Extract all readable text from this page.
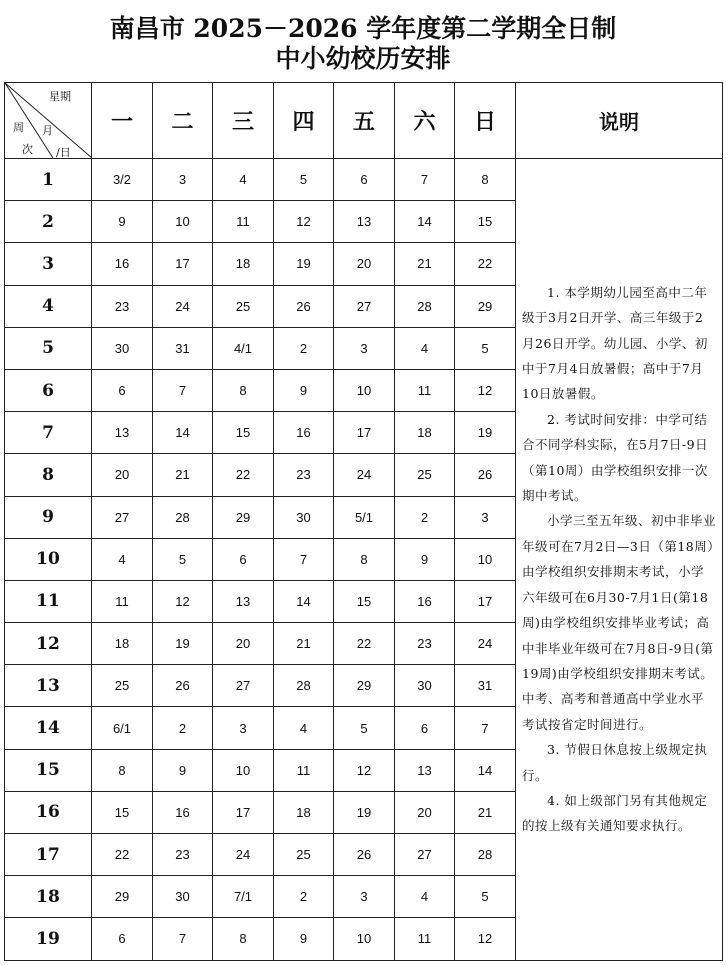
南昌市 2025－2026 学年度第二学期全日制
中小幼校历安排
星期
周
次
月
/日	一	二	三	四	五	六	日	说明
1	3/2	3	4	5	6	7	8	1. 本学期幼儿园至高中二年级于3月2日开学、高三年级于2月26日开学。幼儿园、小学、初中于7月4日放暑假；高中于7月10日放暑假。

2. 考试时间安排：中学可结合不同学科实际，在5月7日-9日（第10周）由学校组织安排一次期中考试。

小学三至五年级、初中非毕业年级可在7月2日—3日（第18周）由学校组织安排期末考试，小学六年级可在6月30-7月1日(第18周)由学校组织安排毕业考试；高中非毕业年级可在7月8日-9日(第19周)由学校组织安排期末考试。中考、高考和普通高中学业水平考试按省定时间进行。

3. 节假日休息按上级规定执行。

4. 如上级部门另有其他规定的按上级有关通知要求执行。

2	9	10	11	12	13	14	15	
3	16	17	18	19	20	21	22	
4	23	24	25	26	27	28	29	
5	30	31	4/1	2	3	4	5	
6	6	7	8	9	10	11	12	
7	13	14	15	16	17	18	19	
8	20	21	22	23	24	25	26	
9	27	28	29	30	5/1	2	3	
10	4	5	6	7	8	9	10	
11	11	12	13	14	15	16	17	
12	18	19	20	21	22	23	24	
13	25	26	27	28	29	30	31	
14	6/1	2	3	4	5	6	7	
15	8	9	10	11	12	13	14	
16	15	16	17	18	19	20	21	
17	22	23	24	25	26	27	28	
18	29	30	7/1	2	3	4	5	
19	6	7	8	9	10	11	12	
